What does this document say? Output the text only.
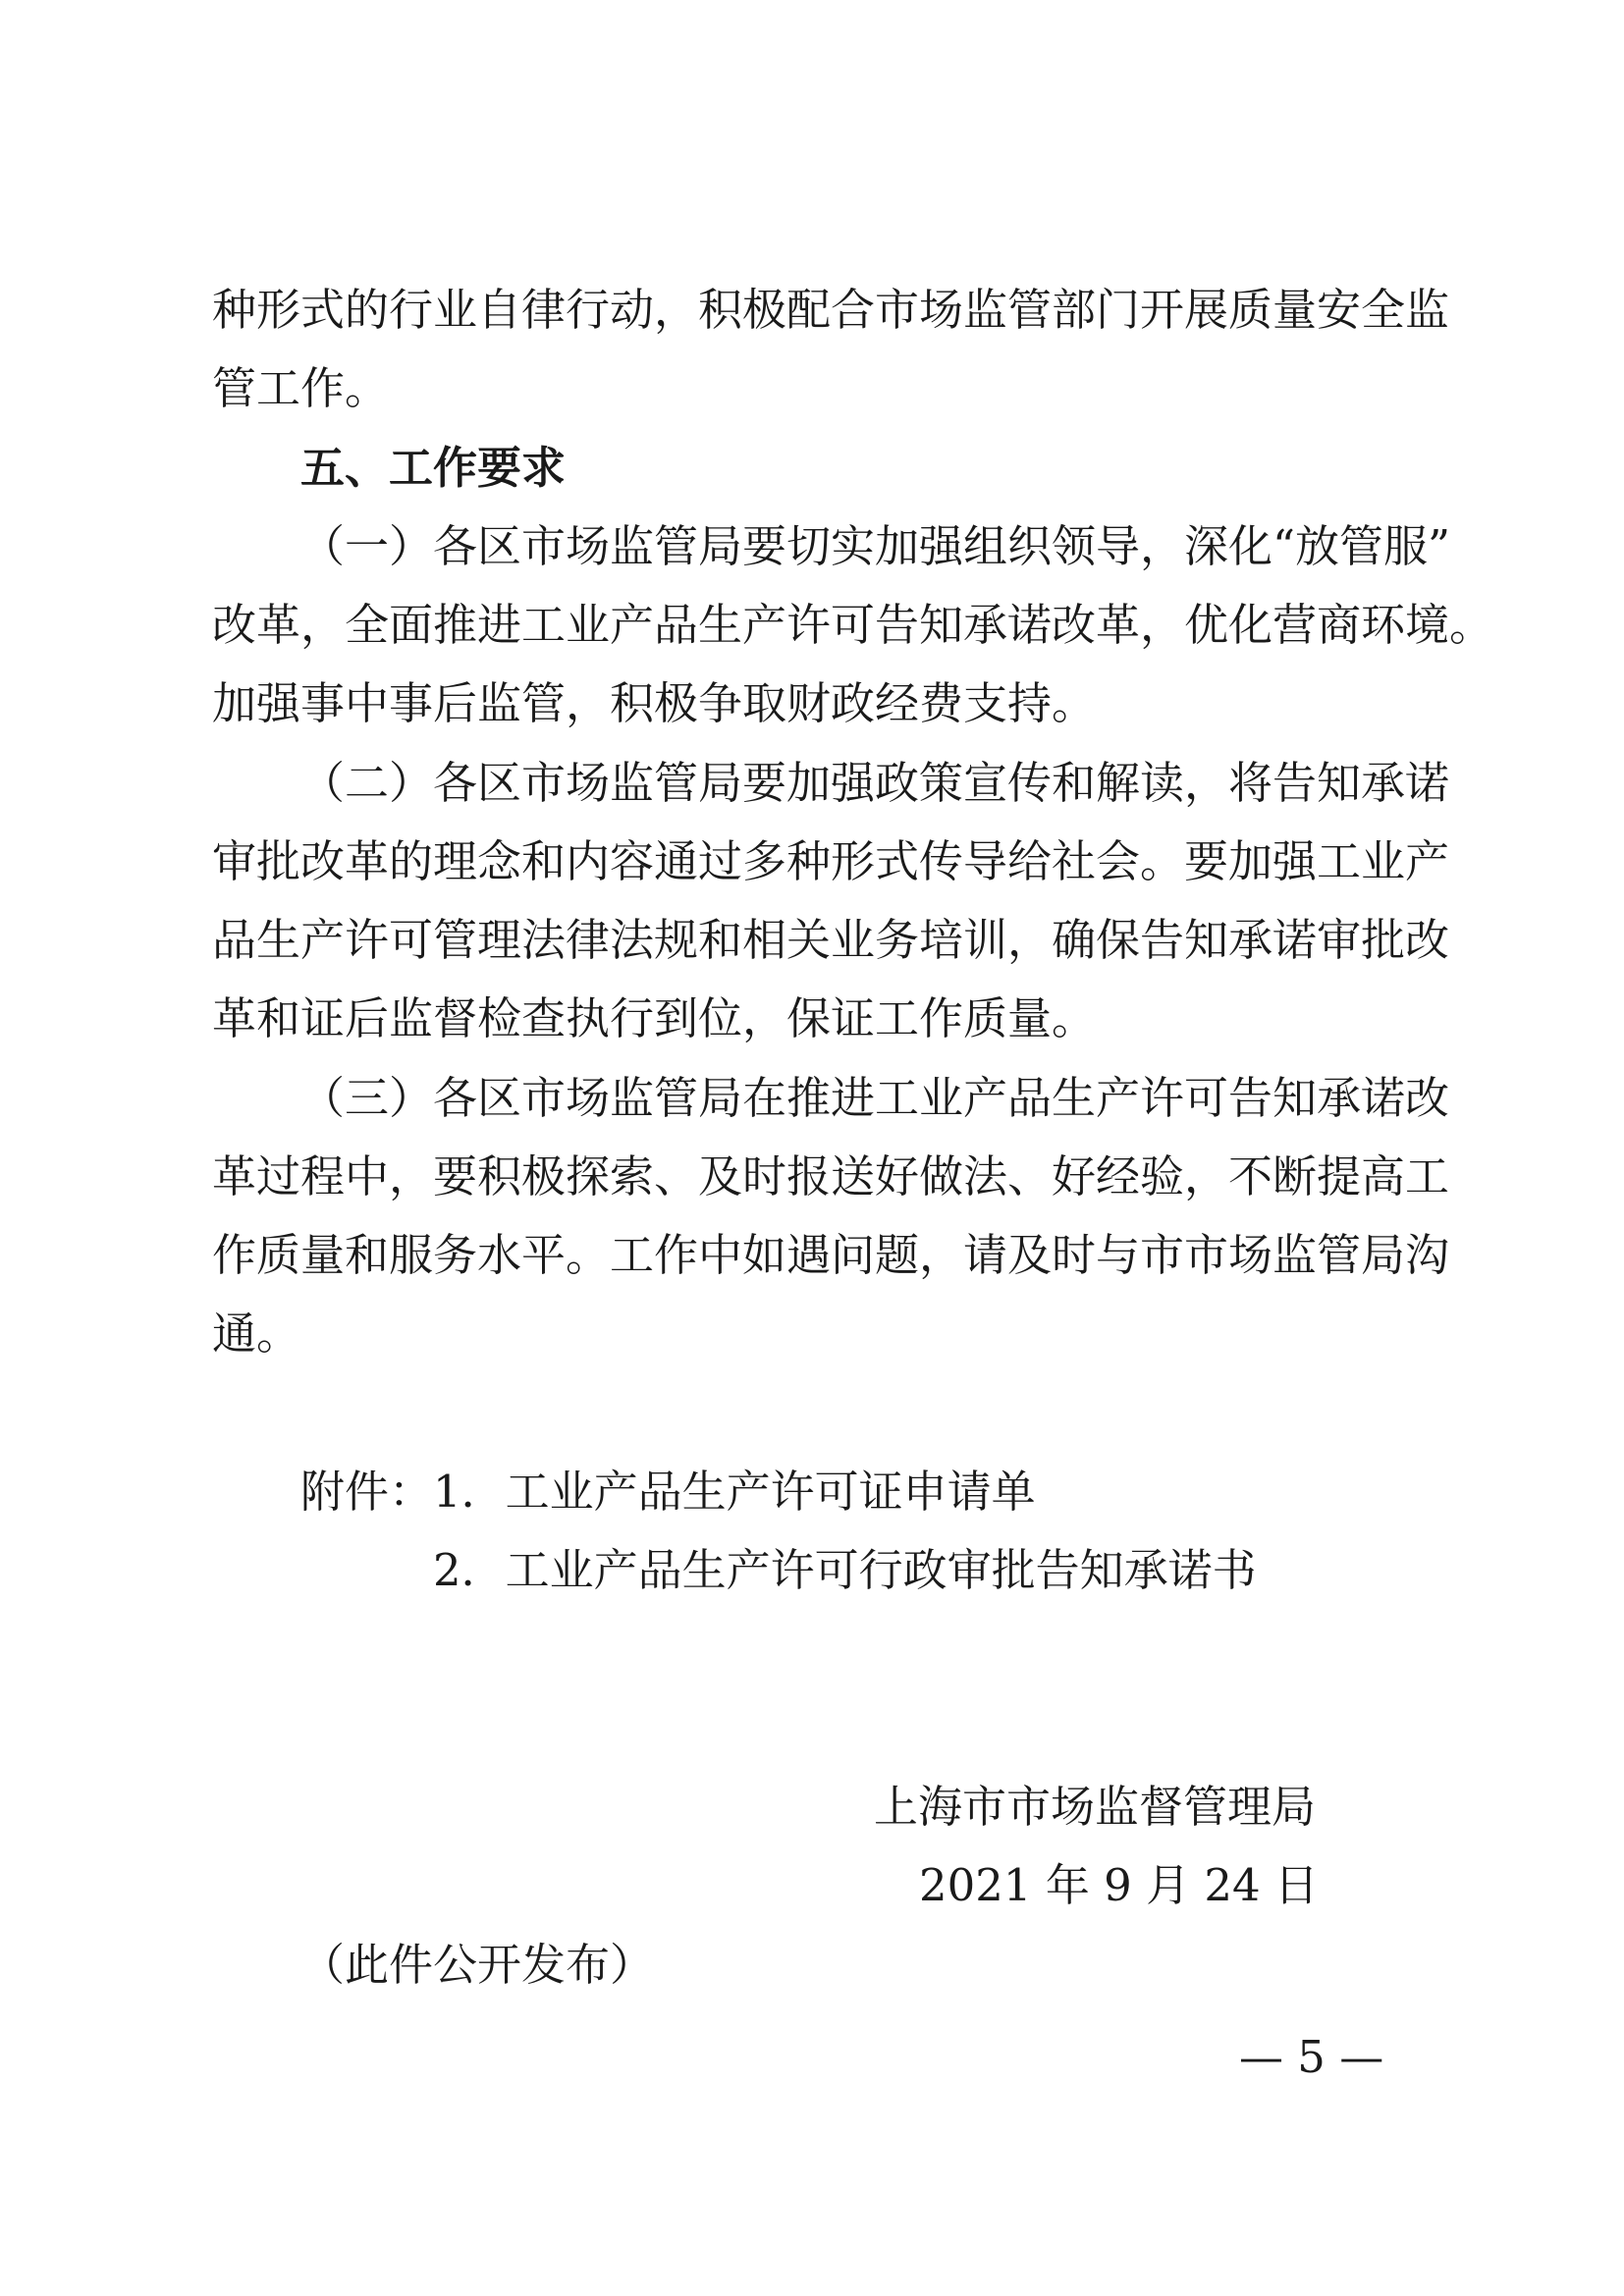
种形式的行业自律行动，积极配合市场监管部门开展质量安全监
管工作。
五、工作要求
（一）各区市场监管局要切实加强组织领导，深化“放管服”
改革，全面推进工业产品生产许可告知承诺改革，优化营商环境。
加强事中事后监管，积极争取财政经费支持。
（二）各区市场监管局要加强政策宣传和解读，将告知承诺
审批改革的理念和内容通过多种形式传导给社会。要加强工业产
品生产许可管理法律法规和相关业务培训，确保告知承诺审批改
革和证后监督检查执行到位，保证工作质量。
（三）各区市场监管局在推进工业产品生产许可告知承诺改
革过程中，要积极探索、及时报送好做法、好经验，不断提高工
作质量和服务水平。工作中如遇问题，请及时与市市场监管局沟
通。
附件： 1．工业产品生产许可证申请单
2．工业产品生产许可行政审批告知承诺书
上海市市场监督管理局
2021 年 9 月 24 日
（此件公开发布）
— 5 —
